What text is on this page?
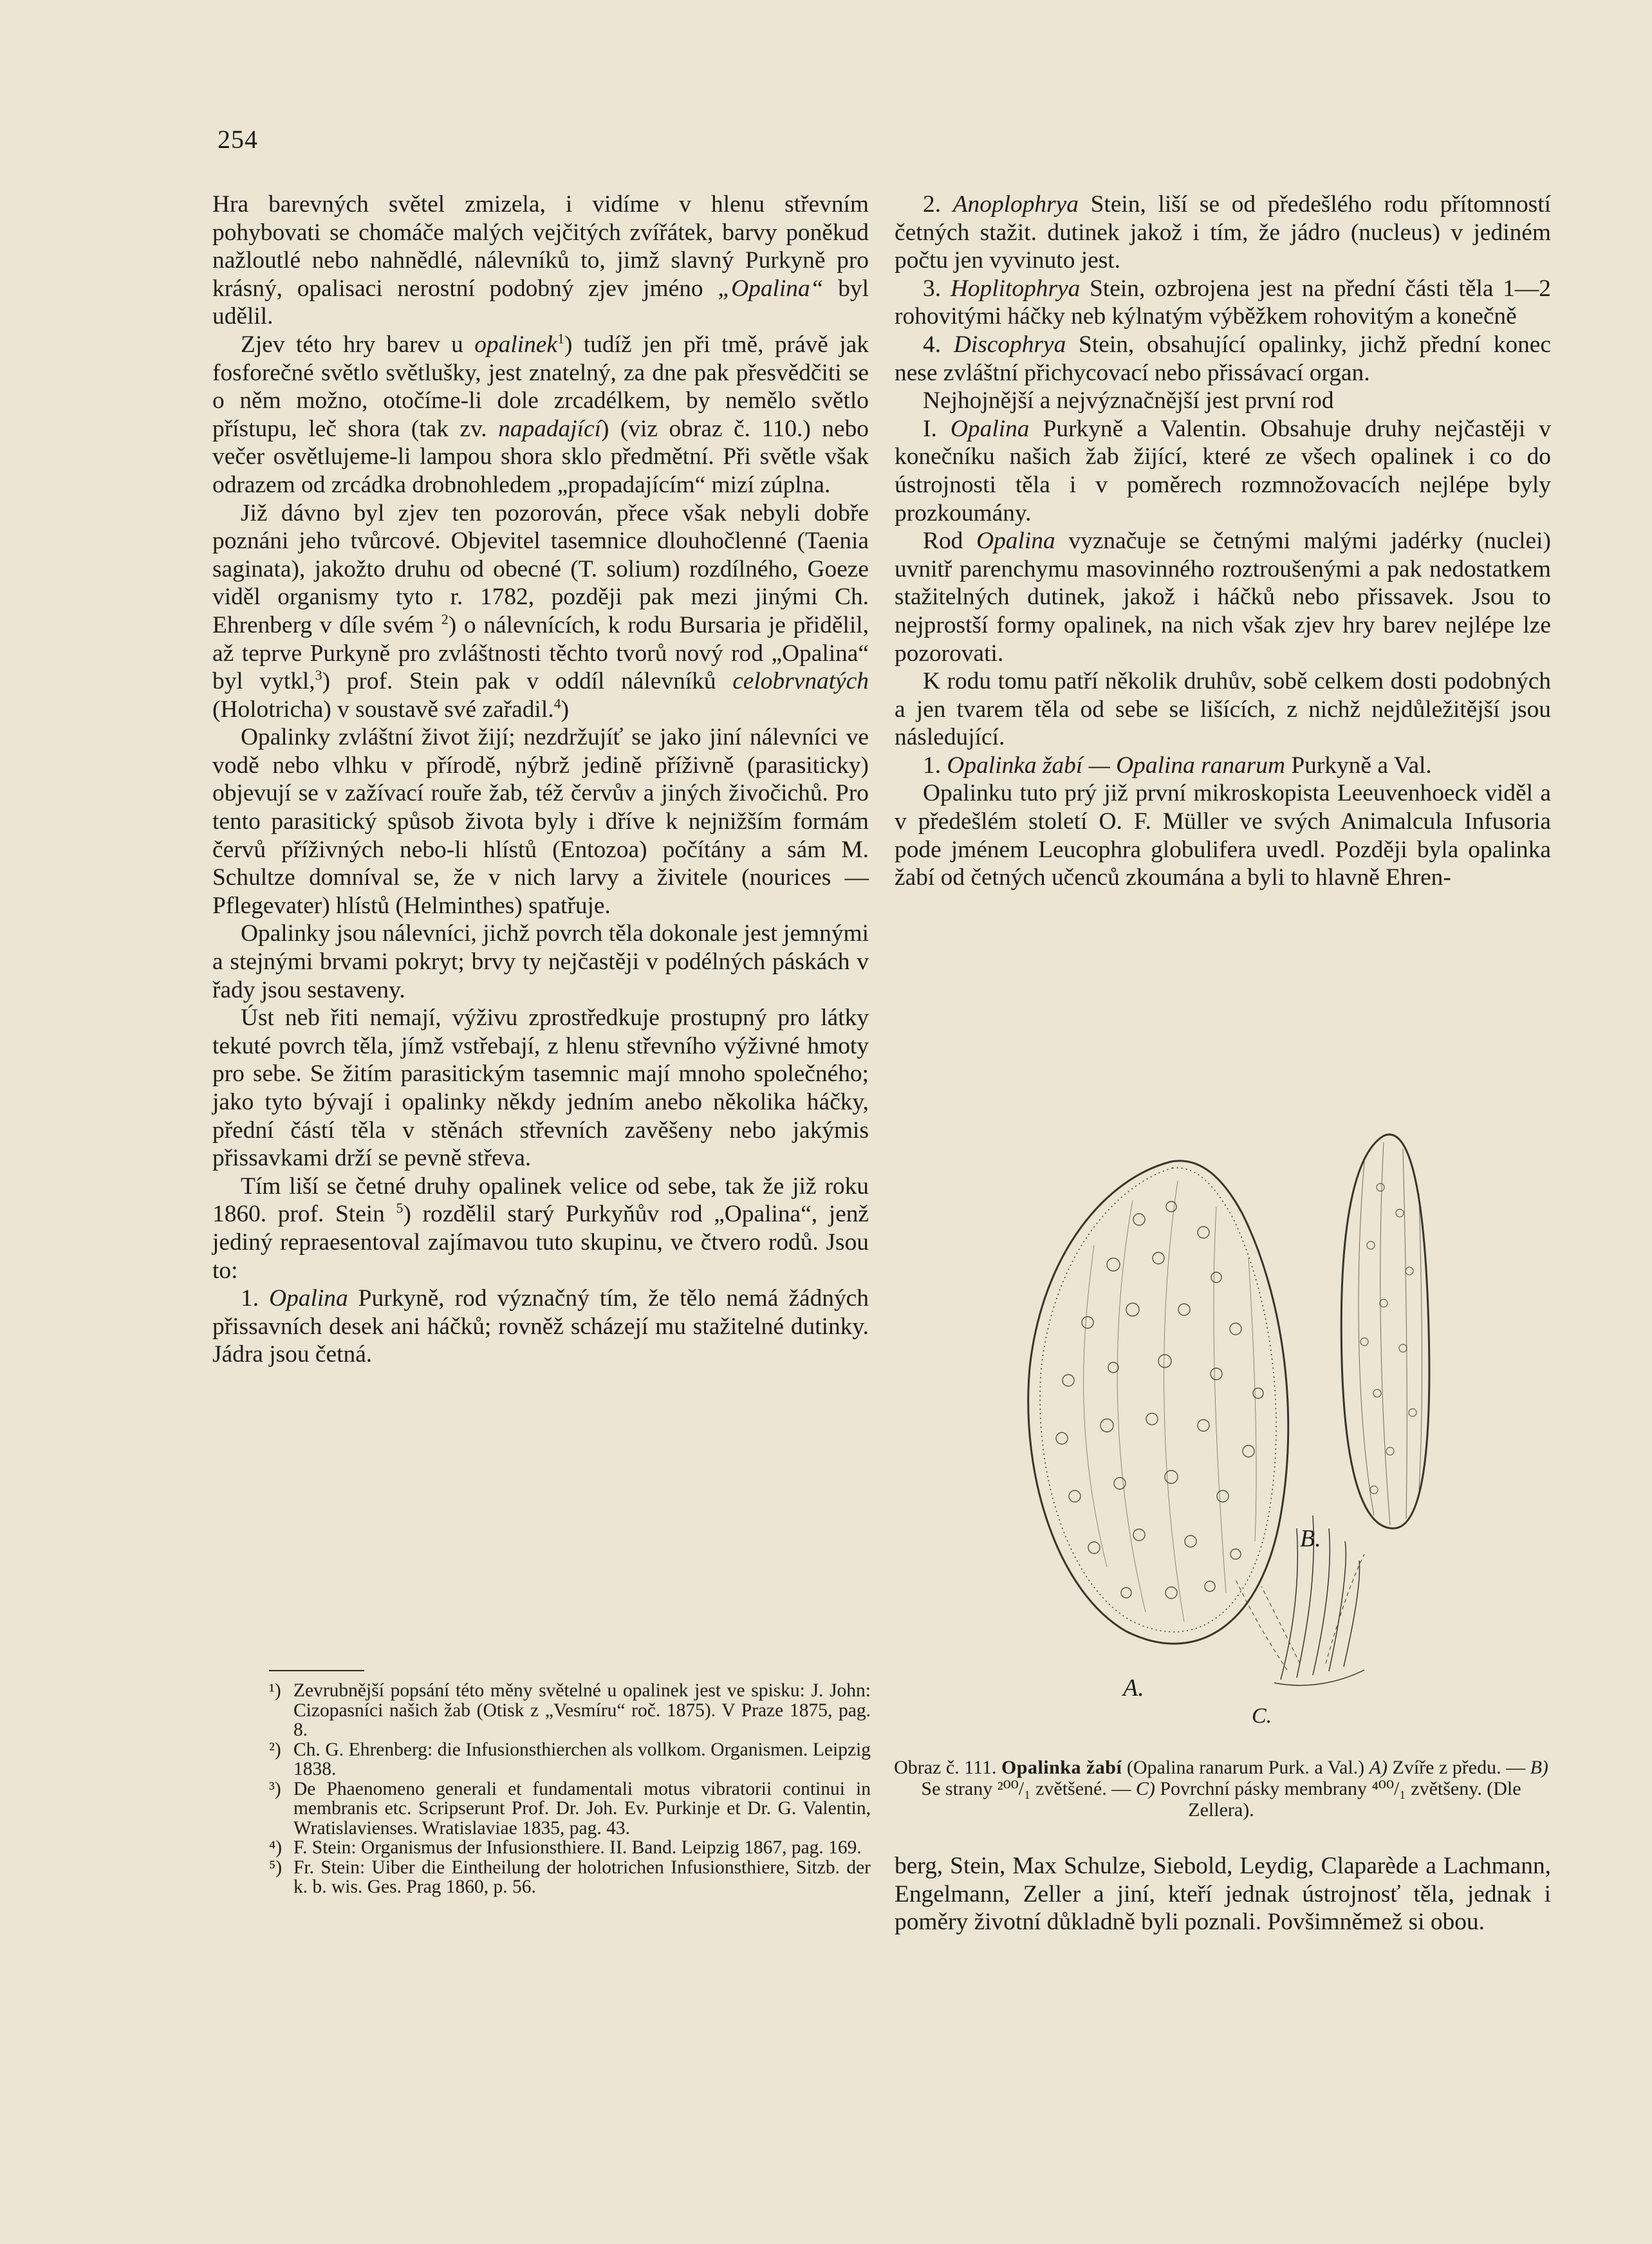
254

Hra barevných světel zmizela, i vidíme v hlenu střevním pohybovati se chomáče malých vejčitých zvířátek, barvy poněkud nažloutlé nebo nahnědlé, nálevníků to, jimž slavný Purkyně pro krásný, opalisaci nerostní podobný zjev jméno „Opalina“ byl udělil.

Zjev této hry barev u opalinek$^1$) tudíž jen při tmě, právě jak fosforečné světlo světlušky, jest znatelný, za dne pak přesvědčiti se o něm možno, otočíme-li dole zrcadélkem, by nemělo světlo přístupu, leč shora (tak zv. napadající) (viz obraz č. 110.) nebo večer osvětlujeme-li lampou shora sklo předmětní. Při světle však odrazem od zrcádka drobnohledem „propadajícím“ mizí zúplna.

Již dávno byl zjev ten pozorován, přece však nebyli dobře poznáni jeho tvůrcové. Objevitel tasemnice dlouhočlenné (Taenia saginata), jakožto druhu od obecné (T. solium) rozdílného, Goeze viděl organismy tyto r. 1782, později pak mezi jinými Ch. Ehrenberg v díle svém $^2$) o nálevnících, k rodu Bursaria je přidělil, až teprve Purkyně pro zvláštnosti těchto tvorů nový rod „Opalina“ byl vytkl,$^3$) prof. Stein pak v oddíl nálevníků celobrvnatých (Holotricha) v soustavě své zařadil.$^4$)

Opalinky zvláštní život žijí; nezdržujíť se jako jiní nálevníci ve vodě nebo vlhku v přírodě, nýbrž jedině příživně (parasiticky) objevují se v zažívací rouře žab, též červův a jiných živočichů. Pro tento parasitický spůsob života byly i dříve k nejnižším formám červů příživných nebo-li hlístů (Entozoa) počítány a sám M. Schultze domníval se, že v nich larvy a živitele (nourices — Pflegevater) hlístů (Helminthes) spatřuje.

Opalinky jsou nálevníci, jichž povrch těla dokonale jest jemnými a stejnými brvami pokryt; brvy ty nejčastěji v podélných páskách v řady jsou sestaveny.

Úst neb řiti nemají, výživu zprostředkuje prostupný pro látky tekuté povrch těla, jímž vstřebají, z hlenu střevního výživné hmoty pro sebe. Se žitím parasitickým tasemnic mají mnoho společného; jako tyto bývají i opalinky někdy jedním anebo několika háčky, přední částí těla v stěnách střevních zavěšeny nebo jakýmis přissavkami drží se pevně střeva.

Tím liší se četné druhy opalinek velice od sebe, tak že již roku 1860. prof. Stein $^5$) rozdělil starý Purkyňův rod „Opalina“, jenž jediný repraesentoval zajímavou tuto skupinu, ve čtvero rodů. Jsou to:

1. Opalina Purkyně, rod význačný tím, že tělo nemá žádných přissavních desek ani háčků; rovněž scházejí mu stažitelné dutinky. Jádra jsou četná.

¹) Zevrubnější popsání této měny světelné u opalinek jest ve spisku: J. John: Cizopasníci našich žab (Otisk z „Vesmíru“ roč. 1875). V Praze 1875, pag. 8.
²) Ch. G. Ehrenberg: die Infusionsthierchen als vollkom. Organismen. Leipzig 1838.
³) De Phaenomeno generali et fundamentali motus vibratorii continui in membranis etc. Scripserunt Prof. Dr. Joh. Ev. Purkinje et Dr. G. Valentin, Wratislavienses. Wratislaviae 1835, pag. 43.
⁴) F. Stein: Organismus der Infusionsthiere. II. Band. Leipzig 1867, pag. 169.
⁵) Fr. Stein: Uiber die Eintheilung der holotrichen Infusionsthiere, Sitzb. der k. b. wis. Ges. Prag 1860, p. 56.

2. Anoplophrya Stein, liší se od předešlého rodu přítomností četných stažit. dutinek jakož i tím, že jádro (nucleus) v jediném počtu jen vyvinuto jest.

3. Hoplitophrya Stein, ozbrojena jest na přední části těla 1—2 rohovitými háčky neb kýlnatým výběžkem rohovitým a konečně

4. Discophrya Stein, obsahující opalinky, jichž přední konec nese zvláštní přichycovací nebo přissávací organ.

Nejhojnější a nejvýznačnější jest první rod

I. Opalina Purkyně a Valentin. Obsahuje druhy nejčastěji v konečníku našich žab žijící, které ze všech opalinek i co do ústrojnosti těla i v poměrech rozmnožovacích nejlépe byly prozkoumány.

Rod Opalina vyznačuje se četnými malými jadérky (nuclei) uvnitř parenchymu masovinného roztroušenými a pak nedostatkem stažitelných dutinek, jakož i háčků nebo přissavek. Jsou to nejprostší formy opalinek, na nich však zjev hry barev nejlépe lze pozorovati.

K rodu tomu patří několik druhův, sobě celkem dosti podobných a jen tvarem těla od sebe se lišících, z nichž nejdůležitější jsou následující.

1. Opalinka žabí — Opalina ranarum Purkyně a Val.

Opalinku tuto prý již první mikroskopista Leeuvenhoeck viděl a v předešlém století O. F. Müller ve svých Animalcula Infusoria pode jménem Leucophra globulifera uvedl. Později byla opalinka žabí od četných učenců zkoumána a byli to hlavně Ehren-

A.
B.
C.
Obraz č. 111. Opalinka žabí (Opalina ranarum Purk. a Val.) A) Zvíře z předu. — B) Se strany ²⁰⁰/₁ zvětšené. — C) Povrchní pásky membrany ⁴⁰⁰/₁ zvětšeny. (Dle Zellera).

berg, Stein, Max Schulze, Siebold, Leydig, Claparède a Lachmann, Engelmann, Zeller a jiní, kteří jednak ústrojnosť těla, jednak i poměry životní důkladně byli poznali. Povšimněmež si obou.
